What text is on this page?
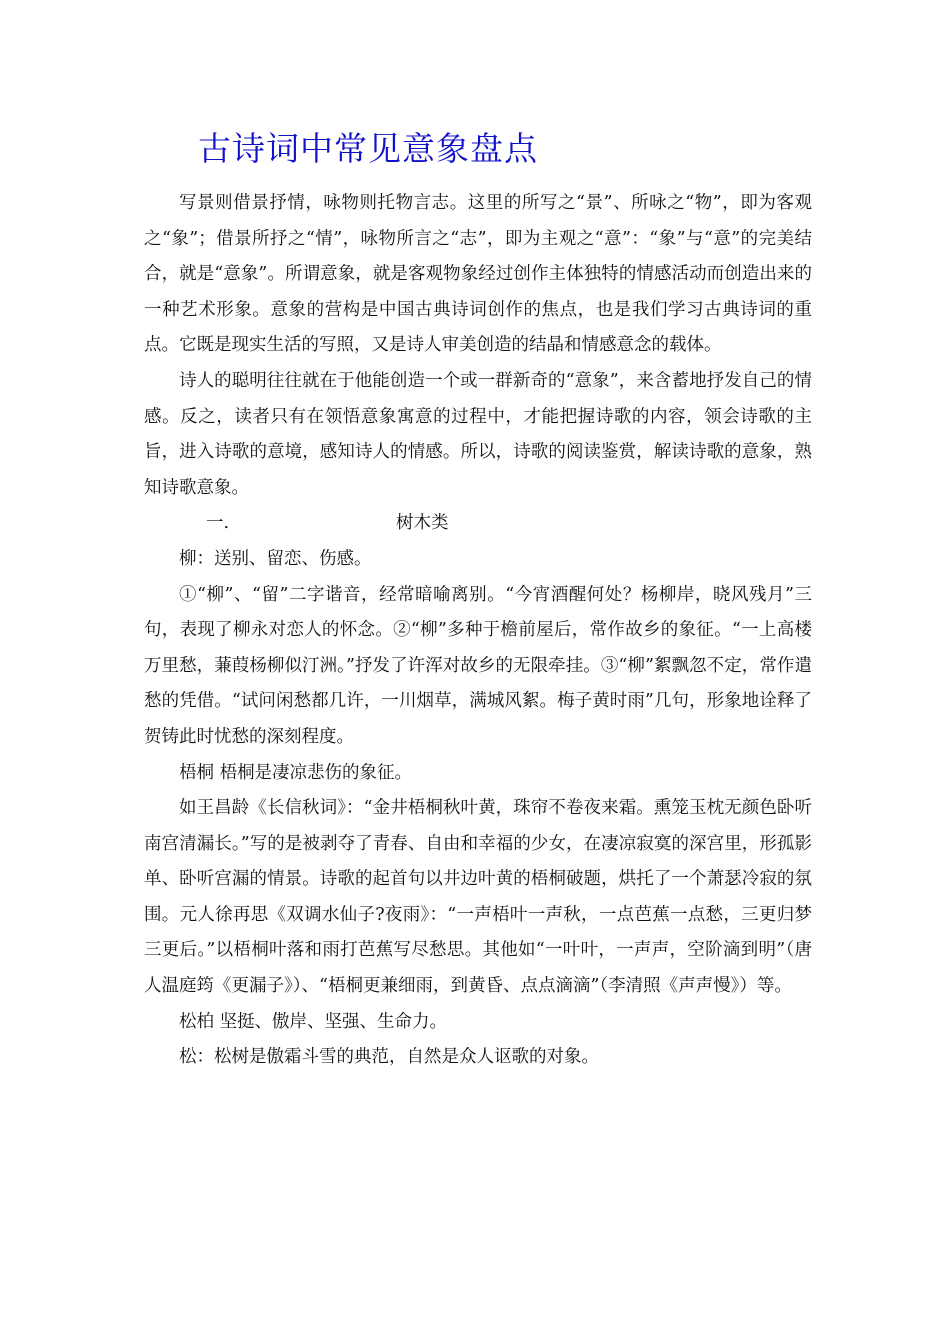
古诗词中常见意象盘点

写景则借景抒情，咏物则托物言志。这里的所写之“景”、所咏之“物”，即为客观之“象”；借景所抒之“情”，咏物所言之“志”，即为主观之“意”：“象”与“意”的完美结合，就是“意象”。所谓意象，就是客观物象经过创作主体独特的情感活动而创造出来的一种艺术形象。意象的营构是中国古典诗词创作的焦点，也是我们学习古典诗词的重点。它既是现实生活的写照，又是诗人审美创造的结晶和情感意念的载体。

诗人的聪明往往就在于他能创造一个或一群新奇的“意象”，来含蓄地抒发自己的情感。反之，读者只有在领悟意象寓意的过程中，才能把握诗歌的内容，领会诗歌的主旨，进入诗歌的意境，感知诗人的情感。所以，诗歌的阅读鉴赏，解读诗歌的意象，熟知诗歌意象。

一.	树木类

柳：送别、留恋、伤感。

①“柳”、“留”二字谐音，经常暗喻离别。“今宵酒醒何处？杨柳岸，晓风残月”三句，表现了柳永对恋人的怀念。②“柳”多种于檐前屋后，常作故乡的象征。“一上高楼万里愁，蒹葭杨柳似汀洲。”抒发了许浑对故乡的无限牵挂。③“柳”絮飘忽不定，常作遣愁的凭借。“试问闲愁都几许，一川烟草，满城风絮。梅子黄时雨”几句，形象地诠释了贺铸此时忧愁的深刻程度。

梧桐 梧桐是凄凉悲伤的象征。

如王昌龄《长信秋词》：“金井梧桐秋叶黄，珠帘不卷夜来霜。熏笼玉枕无颜色卧听南宫清漏长。”写的是被剥夺了青春、自由和幸福的少女，在凄凉寂寞的深宫里，形孤影单、卧听宫漏的情景。诗歌的起首句以井边叶黄的梧桐破题，烘托了一个萧瑟冷寂的氛围。元人徐再思《双调水仙子?夜雨》：“一声梧叶一声秋，一点芭蕉一点愁，三更归梦三更后。”以梧桐叶落和雨打芭蕉写尽愁思。其他如“一叶叶，一声声，空阶滴到明”（唐人温庭筠《更漏子》）、“梧桐更兼细雨，到黄昏、点点滴滴”（李清照《声声慢》）等。

松柏 坚挺、傲岸、坚强、生命力。

松：松树是傲霜斗雪的典范，自然是众人讴歌的对象。
